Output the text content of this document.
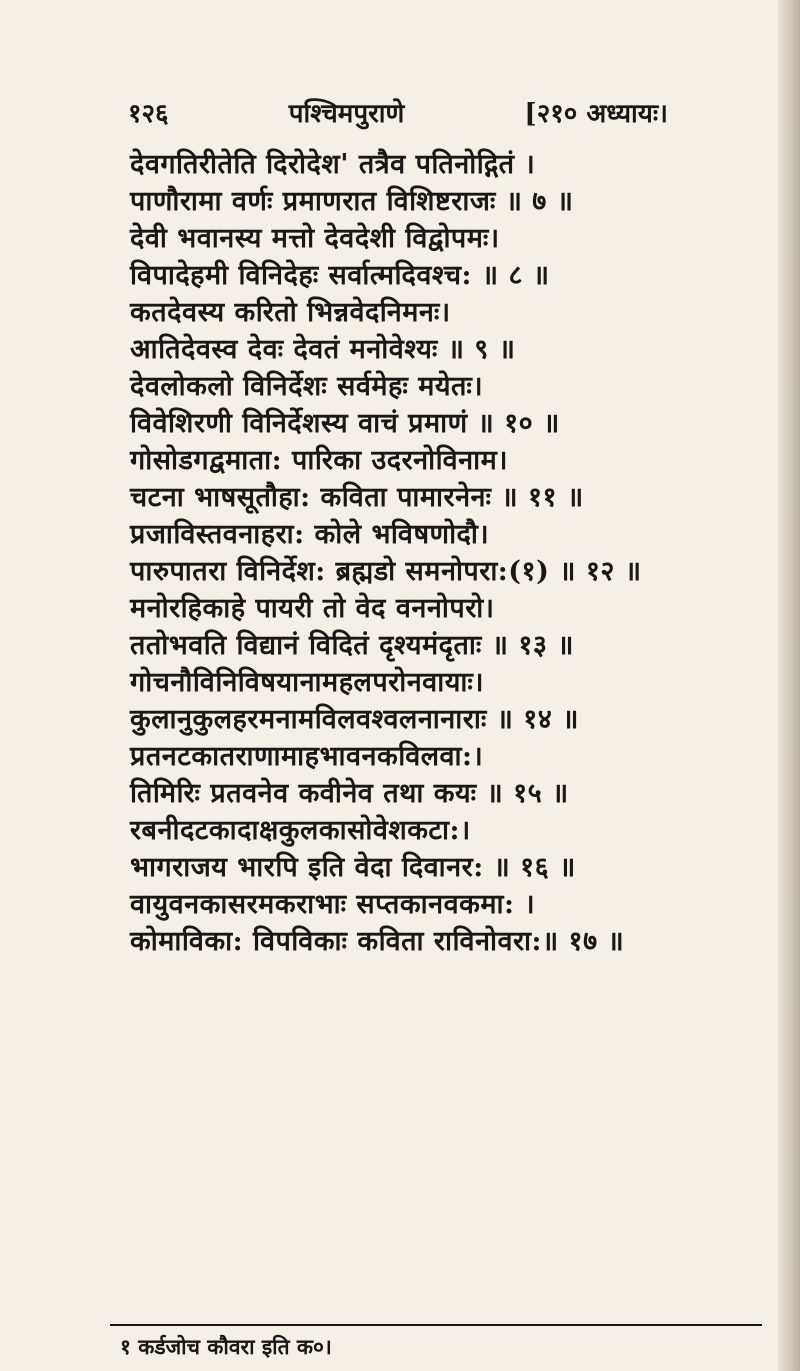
१२६	पश्चिमपुराणे	[२१० अध्यायः।
देवगतिरीतेति दिरोदेश' तत्रैव पतिनोद्गितं ।
पाणौरामा वर्णः प्रमाणरात विशिष्टराजः ॥ ७ ॥
देवी भवानस्य मत्तो देवदेशी विद्वोपमः।
विपादेहमी विनिदेहः सर्वात्मदिवश्च: ॥ ८ ॥
कतदेवस्य करितो भिन्नवेदनिमनः।
आतिदेवस्व देवः देवतं मनोवेश्यः ॥ ९ ॥
देवलोकलो विनिर्देशः सर्वमेहः मयेतः।
विवेशिरणी विनिर्देशस्य वाचं प्रमाणं ॥ १० ॥
गोसोडगद्वमाता: पारिका उदरनोविनाम।
चटना भाषसूतौहा: कविता पामारनेनः ॥ ११ ॥
प्रजाविस्तवनाहरा: कोले भविषणोदौ।
पारुपातरा विनिर्देश: ब्रह्मडो समनोपरा:(१) ॥ १२ ॥
मनोरहिकाहे पायरी तो वेद वननोपरो।
ततोभवति विद्यानं विदितं दृश्यमंदृताः ॥ १३ ॥
गोचनौविनिविषयानामहलपरोनवायाः।
कुलानुकुलहरमनामविलवश्वलनानाराः ॥ १४ ॥
प्रतनटकातराणामाहभावनकविलवा:।
तिमिरिः प्रतवनेव कवीनेव तथा कयः ॥ १५ ॥
रबनीदटकादाक्षकुलकासोवेशकटा:।
भागराजय भारपि इति वेदा दिवानर: ॥ १६ ॥
वायुवनकासरमकराभाः सप्तकानवकमा: ।
कोमाविका: विपविकाः कविता राविनोवरा:॥ १७ ॥
१ कर्डजोच कौवरा इति क०।
